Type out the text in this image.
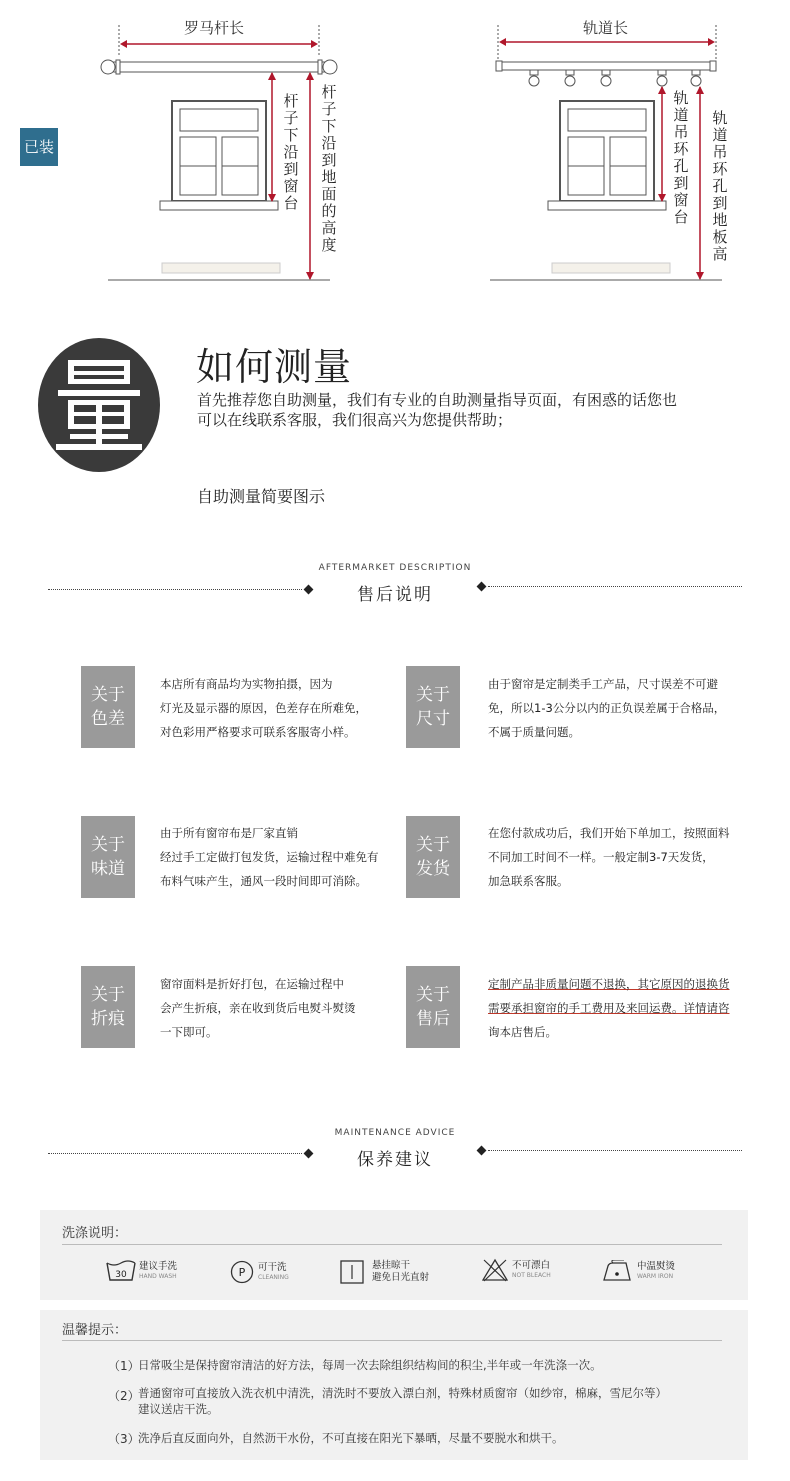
已装
罗马杆长
杆
子
下
沿
到
窗
台
杆
子
下
沿
到
地
面
的
高
度
轨道长
轨
道
吊
环
孔
到
窗
台
轨
道
吊
环
孔
到
地
板
高
如何测量
首先推荐您自助测量，我们有专业的自助测量指导页面，有困惑的话您也
可以在线联系客服，我们很高兴为您提供帮助；
自助测量简要图示
AFTERMARKET DESCRIPTION
售后说明
关于
色差
本店所有商品均为实物拍摄，因为
灯光及显示器的原因，色差存在所难免，
对色彩用严格要求可联系客服寄小样。
关于
尺寸
由于窗帘是定制类手工产品，尺寸误差不可避
免，所以1-3公分以内的正负误差属于合格品，
不属于质量问题。
关于
味道
由于所有窗帘布是厂家直销
经过手工定做打包发货，运输过程中难免有
布料气味产生，通风一段时间即可消除。
关于
发货
在您付款成功后，我们开始下单加工，按照面料
不同加工时间不一样。一般定制3-7天发货，
加急联系客服。
关于
折痕
窗帘面料是折好打包，在运输过程中
会产生折痕，亲在收到货后电熨斗熨烫
一下即可。
关于
售后
定制产品非质量问题不退换，其它原因的退换货
需要承担窗帘的手工费用及来回运费。详情请咨
询本店售后。
MAINTENANCE ADVICE
保养建议
洗涤说明：
30
建议手洗
HAND WASH	P 可干洗
CLEANING
悬挂晾干
避免日光直射
不可漂白
NOT BLEACH
中温熨烫
WARM IRON
温馨提示：
（1）
日常吸尘是保持窗帘清洁的好方法，每周一次去除组织结构间的积尘,半年或一年洗涤一次。
（2）
普通窗帘可直接放入洗衣机中清洗，清洗时不要放入漂白剂，特殊材质窗帘（如纱帘，棉麻，雪尼尔等）
建议送店干洗。
（3）
洗净后直反面向外，自然沥干水份，不可直接在阳光下暴晒，尽量不要脱水和烘干。
